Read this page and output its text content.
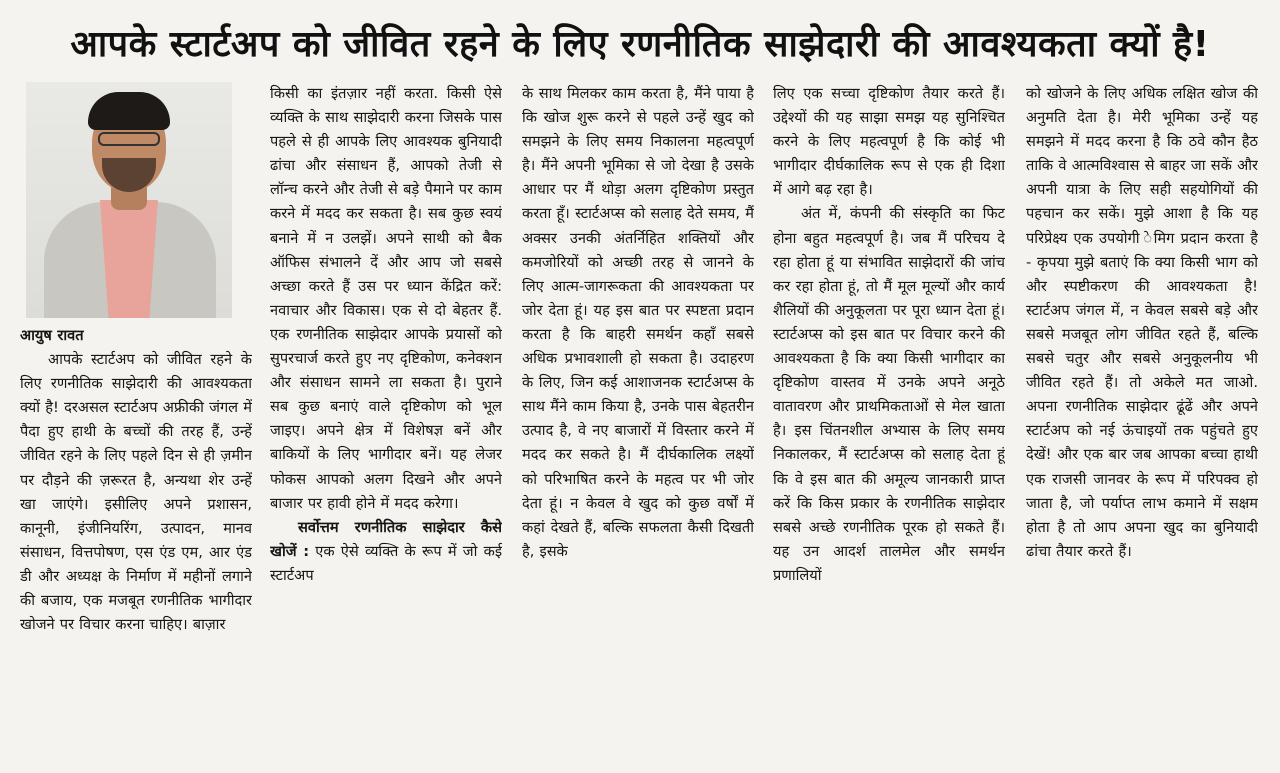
आपके स्टार्टअप को जीवित रहने के लिए रणनीतिक साझेदारी की आवश्यकता क्यों है!

आयुष रावत

आपके स्टार्टअप को जीवित रहने के लिए रणनीतिक साझेदारी की आवश्यकता क्यों है! दरअसल स्टार्टअप अफ्रीकी जंगल में पैदा हुए हाथी के बच्चों की तरह हैं, उन्हें जीवित रहने के लिए पहले दिन से ही ज़मीन पर दौड़ने की ज़रूरत है, अन्यथा शेर उन्हें खा जाएंगे। इसीलिए अपने प्रशासन, कानूनी, इंजीनियरिंग, उत्पादन, मानव संसाधन, वित्तपोषण, एस एंड एम, आर एंड डी और अध्यक्ष के निर्माण में महीनों लगाने की बजाय, एक मजबूत रणनीतिक भागीदार खोजने पर विचार करना चाहिए। बाज़ार

किसी का इंतज़ार नहीं करता. किसी ऐसे व्यक्ति के साथ साझेदारी करना जिसके पास पहले से ही आपके लिए आवश्यक बुनियादी ढांचा और संसाधन हैं, आपको तेजी से लॉन्च करने और तेजी से बड़े पैमाने पर काम करने में मदद कर सकता है। सब कुछ स्वयं बनाने में न उलझें। अपने साथी को बैक ऑफिस संभालने दें और आप जो सबसे अच्छा करते हैं उस पर ध्यान केंद्रित करें: नवाचार और विकास। एक से दो बेहतर हैं. एक रणनीतिक साझेदार आपके प्रयासों को सुपरचार्ज करते हुए नए दृष्टिकोण, कनेक्शन और संसाधन सामने ला सकता है। पुराने सब कुछ बनाएं वाले दृष्टिकोण को भूल जाइए। अपने क्षेत्र में विशेषज्ञ बनें और बाकियों के लिए भागीदार बनें। यह लेजर फोकस आपको अलग दिखने और अपने बाजार पर हावी होने में मदद करेगा।

सर्वोत्तम रणनीतिक साझेदार कैसे खोजें : एक ऐसे व्यक्ति के रूप में जो कई स्टार्टअप

के साथ मिलकर काम करता है, मैंने पाया है कि खोज शुरू करने से पहले उन्हें खुद को समझने के लिए समय निकालना महत्वपूर्ण है। मैंने अपनी भूमिका से जो देखा है उसके आधार पर मैं थोड़ा अलग दृष्टिकोण प्रस्तुत करता हूँ। स्टार्टअप्स को सलाह देते समय, मैं अक्सर उनकी अंतर्निहित शक्तियों और कमजोरियों को अच्छी तरह से जानने के लिए आत्म-जागरूकता की आवश्यकता पर जोर देता हूं। यह इस बात पर स्पष्टता प्रदान करता है कि बाहरी समर्थन कहाँ सबसे अधिक प्रभावशाली हो सकता है। उदाहरण के लिए, जिन कई आशाजनक स्टार्टअप्स के साथ मैंने काम किया है, उनके पास बेहतरीन उत्पाद है, वे नए बाजारों में विस्तार करने में मदद कर सकते है। मैं दीर्घकालिक लक्ष्यों को परिभाषित करने के महत्व पर भी जोर देता हूं। न केवल वे खुद को कुछ वर्षों में कहां देखते हैं, बल्कि सफलता कैसी दिखती है, इसके

लिए एक सच्चा दृष्टिकोण तैयार करते हैं। उद्देश्यों की यह साझा समझ यह सुनिश्चित करने के लिए महत्वपूर्ण है कि कोई भी भागीदार दीर्घकालिक रूप से एक ही दिशा में आगे बढ़ रहा है।

अंत में, कंपनी की संस्कृति का फिट होना बहुत महत्वपूर्ण है। जब मैं परिचय दे रहा होता हूं या संभावित साझेदारों की जांच कर रहा होता हूं, तो मैं मूल मूल्यों और कार्य शैलियों की अनुकूलता पर पूरा ध्यान देता हूं। स्टार्टअप्स को इस बात पर विचार करने की आवश्यकता है कि क्या किसी भागीदार का दृष्टिकोण वास्तव में उनके अपने अनूठे वातावरण और प्राथमिकताओं से मेल खाता है। इस चिंतनशील अभ्यास के लिए समय निकालकर, मैं स्टार्टअप्स को सलाह देता हूं कि वे इस बात की अमूल्य जानकारी प्राप्त करें कि किस प्रकार के रणनीतिक साझेदार सबसे अच्छे रणनीतिक पूरक हो सकते हैं। यह उन आदर्श तालमेल और समर्थन प्रणालियों

को खोजने के लिए अधिक लक्षित खोज की अनुमति देता है। मेरी भूमिका उन्हें यह समझने में मदद करना है कि ठवे कौन हैठ ताकि वे आत्मविश्वास से बाहर जा सकें और अपनी यात्रा के लिए सही सहयोगियों की पहचान कर सकें। मुझे आशा है कि यह परिप्रेक्ष्य एक उपयोगी ेमिग प्रदान करता है - कृपया मुझे बताएं कि क्या किसी भाग को और स्पष्टीकरण की आवश्यकता है! स्टार्टअप जंगल में, न केवल सबसे बड़े और सबसे मजबूत लोग जीवित रहते हैं, बल्कि सबसे चतुर और सबसे अनुकूलनीय भी जीवित रहते हैं। तो अकेले मत जाओ. अपना रणनीतिक साझेदार ढूंढें और अपने स्टार्टअप को नई ऊंचाइयों तक पहुंचते हुए देखें! और एक बार जब आपका बच्चा हाथी एक राजसी जानवर के रूप में परिपक्व हो जाता है, जो पर्याप्त लाभ कमाने में सक्षम होता है तो आप अपना खुद का बुनियादी ढांचा तैयार करते हैं।
